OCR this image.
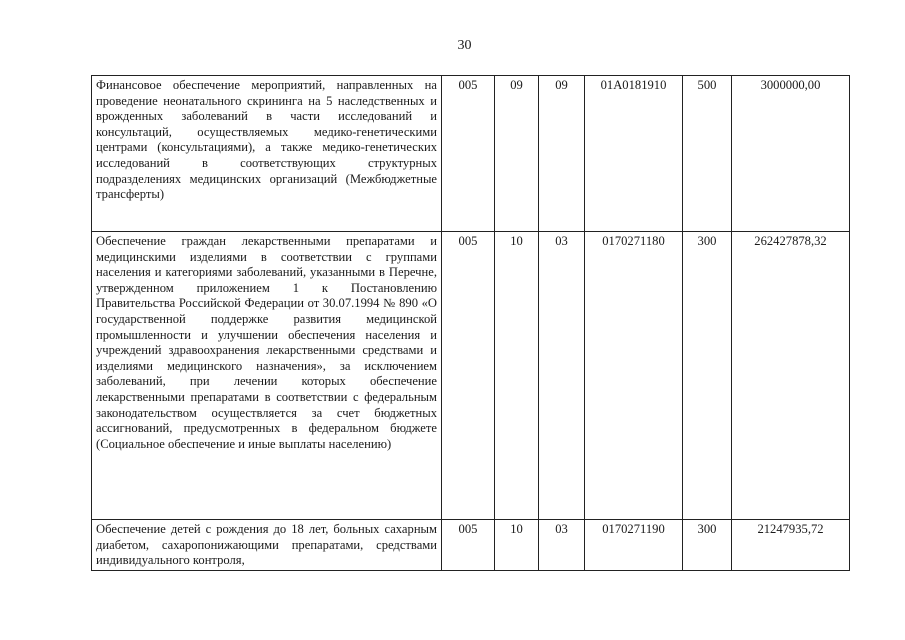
30
Финансовое обеспечение мероприятий, направленных на проведение неонатального скрининга на 5 наследственных и врожденных заболеваний в части исследований и консультаций, осуществляемых медико-генетическими центрами (консультациями), а также медико-генетических исследований в соответствующих структурных подразделениях медицинских организаций (Межбюджетные трансферты)	005	09	09	01А0181910	500	3000000,00
Обеспечение граждан лекарственными препаратами и медицинскими изделиями в соответствии с группами населения и категориями заболеваний, указанными в Перечне, утвержденном приложением 1 к Постановлению Правительства Российской Федерации от 30.07.1994 № 890 «О государственной поддержке развития медицинской промышленности и улучшении обеспечения населения и учреждений здравоохранения лекарственными средствами и изделиями медицинского назначения», за исключением заболеваний, при лечении которых обеспечение лекарственными препаратами в соответствии с федеральным законодательством осуществляется за счет бюджетных ассигнований, предусмотренных в федеральном бюджете (Социальное обеспечение и иные выплаты населению)	005	10	03	0170271180	300	262427878,32
Обеспечение детей с рождения до 18 лет, больных сахарным диабетом, сахаропонижающими препаратами, средствами индивидуального контроля,	005	10	03	0170271190	300	21247935,72
